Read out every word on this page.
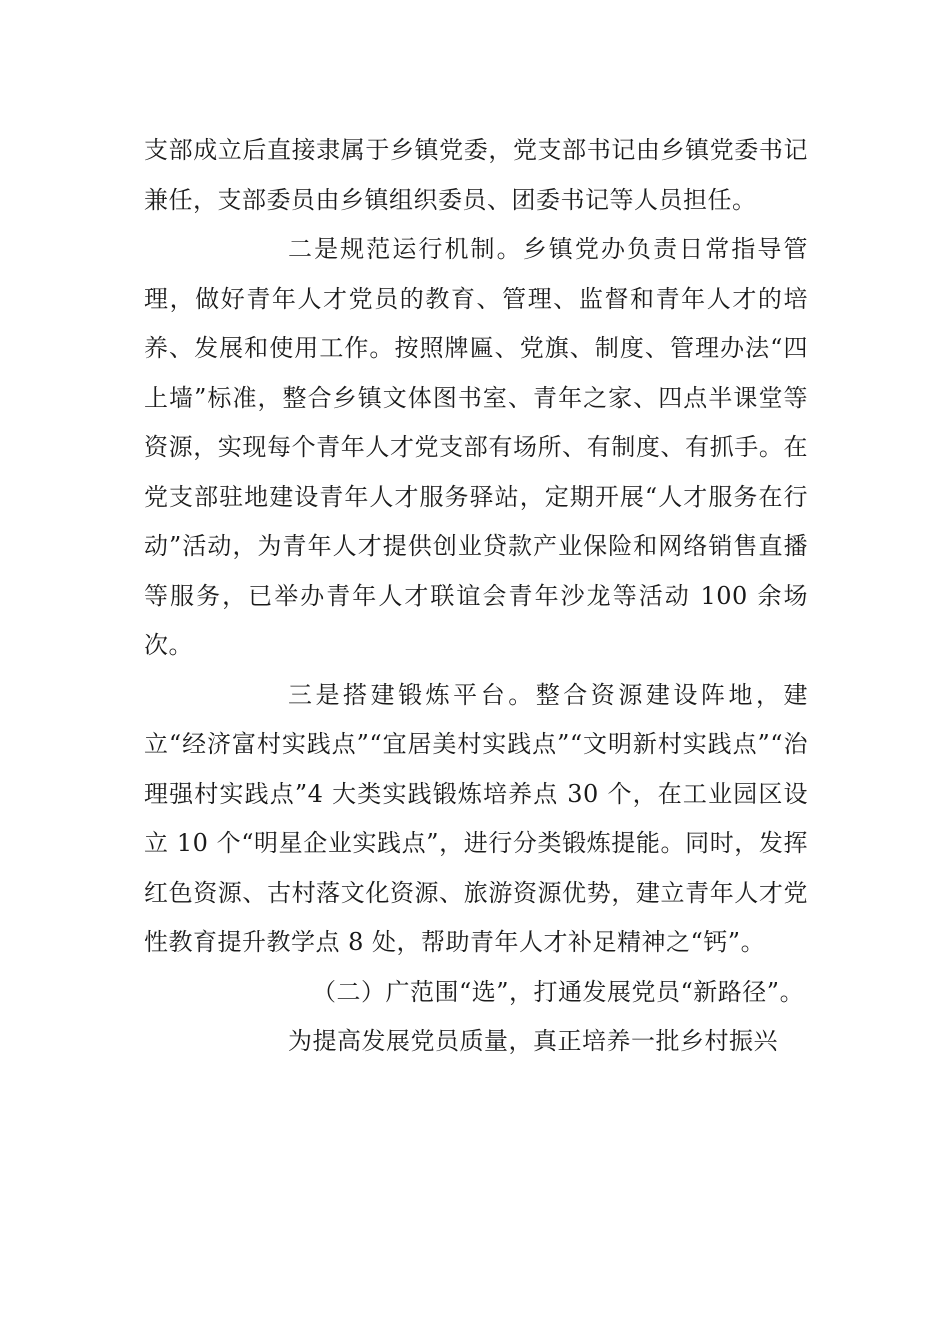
支部成立后直接隶属于乡镇党委，党支部书记由乡镇党委书记兼任，支部委员由乡镇组织委员、团委书记等人员担任。

二是规范运行机制。乡镇党办负责日常指导管理，做好青年人才党员的教育、管理、监督和青年人才的培养、发展和使用工作。按照牌匾、党旗、制度、管理办法“四上墙”标准，整合乡镇文体图书室、青年之家、四点半课堂等资源，实现每个青年人才党支部有场所、有制度、有抓手。在党支部驻地建设青年人才服务驿站，定期开展“人才服务在行动”活动，为青年人才提供创业贷款产业保险和网络销售直播等服务，已举办青年人才联谊会青年沙龙等活动 100 余场次。

三是搭建锻炼平台。整合资源建设阵地，建立“经济富村实践点”“宜居美村实践点”“文明新村实践点”“治理强村实践点”4 大类实践锻炼培养点 30 个，在工业园区设立 10 个“明星企业实践点”，进行分类锻炼提能。同时，发挥红色资源、古村落文化资源、旅游资源优势，建立青年人才党性教育提升教学点 8 处，帮助青年人才补足精神之“钙”。

（二）广范围“选”，打通发展党员“新路径”。

为提高发展党员质量，真正培养一批乡村振兴
